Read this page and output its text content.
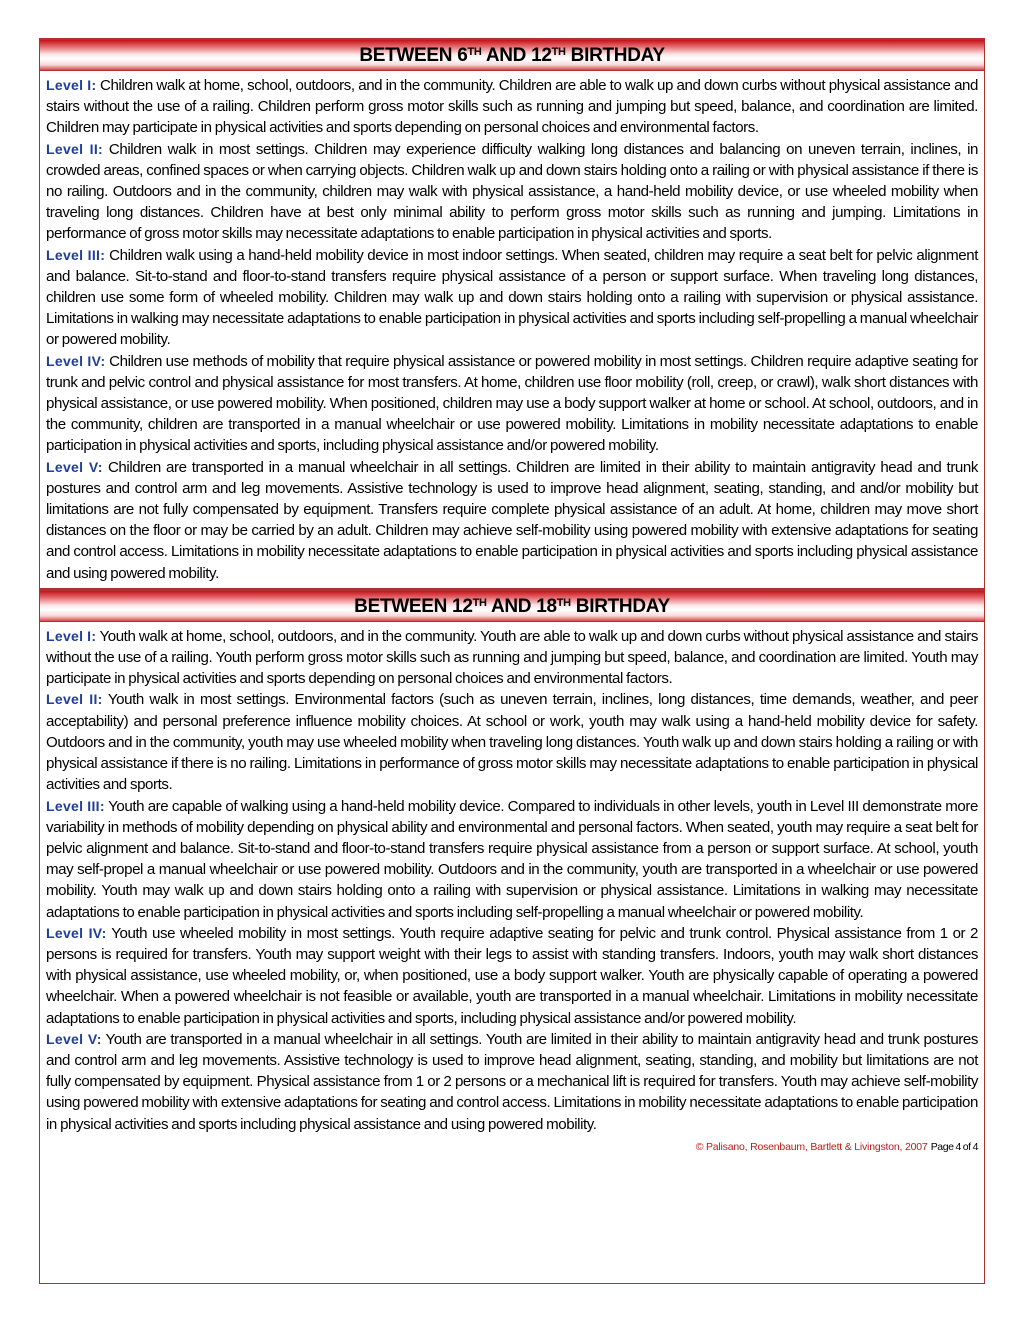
BETWEEN 6TH AND 12TH BIRTHDAY

Level I: Children walk at home, school, outdoors, and in the community. Children are able to walk up and down curbs without physical assistance and stairs without the use of a railing. Children perform gross motor skills such as running and jumping but speed, balance, and coordination are limited. Children may participate in physical activities and sports depending on personal choices and environmental factors.

Level II: Children walk in most settings. Children may experience difficulty walking long distances and balancing on uneven terrain, inclines, in crowded areas, confined spaces or when carrying objects. Children walk up and down stairs holding onto a railing or with physical assistance if there is no railing. Outdoors and in the community, children may walk with physical assistance, a hand-held mobility device, or use wheeled mobility when traveling long distances. Children have at best only minimal ability to perform gross motor skills such as running and jumping. Limitations in performance of gross motor skills may necessitate adaptations to enable participation in physical activities and sports.

Level III: Children walk using a hand-held mobility device in most indoor settings. When seated, children may require a seat belt for pelvic alignment and balance. Sit-to-stand and floor-to-stand transfers require physical assistance of a person or support surface. When traveling long distances, children use some form of wheeled mobility. Children may walk up and down stairs holding onto a railing with supervision or physical assistance. Limitations in walking may necessitate adaptations to enable participation in physical activities and sports including self-propelling a manual wheelchair or powered mobility.

Level IV: Children use methods of mobility that require physical assistance or powered mobility in most settings. Children require adaptive seating for trunk and pelvic control and physical assistance for most transfers. At home, children use floor mobility (roll, creep, or crawl), walk short distances with physical assistance, or use powered mobility. When positioned, children may use a body support walker at home or school. At school, outdoors, and in the community, children are transported in a manual wheelchair or use powered mobility. Limitations in mobility necessitate adaptations to enable participation in physical activities and sports, including physical assistance and/or powered mobility.

Level V: Children are transported in a manual wheelchair in all settings. Children are limited in their ability to maintain antigravity head and trunk postures and control arm and leg movements. Assistive technology is used to improve head alignment, seating, standing, and and/or mobility but limitations are not fully compensated by equipment. Transfers require complete physical assistance of an adult. At home, children may move short distances on the floor or may be carried by an adult. Children may achieve self-mobility using powered mobility with extensive adaptations for seating and control access. Limitations in mobility necessitate adaptations to enable participation in physical activities and sports including physical assistance and using powered mobility.

BETWEEN 12TH AND 18TH BIRTHDAY

Level I: Youth walk at home, school, outdoors, and in the community. Youth are able to walk up and down curbs without physical assistance and stairs without the use of a railing. Youth perform gross motor skills such as running and jumping but speed, balance, and coordination are limited. Youth may participate in physical activities and sports depending on personal choices and environmental factors.

Level II: Youth walk in most settings. Environmental factors (such as uneven terrain, inclines, long distances, time demands, weather, and peer acceptability) and personal preference influence mobility choices. At school or work, youth may walk using a hand-held mobility device for safety. Outdoors and in the community, youth may use wheeled mobility when traveling long distances. Youth walk up and down stairs holding a railing or with physical assistance if there is no railing. Limitations in performance of gross motor skills may necessitate adaptations to enable participation in physical activities and sports.

Level III: Youth are capable of walking using a hand-held mobility device. Compared to individuals in other levels, youth in Level III demonstrate more variability in methods of mobility depending on physical ability and environmental and personal factors. When seated, youth may require a seat belt for pelvic alignment and balance. Sit-to-stand and floor-to-stand transfers require physical assistance from a person or support surface. At school, youth may self-propel a manual wheelchair or use powered mobility. Outdoors and in the community, youth are transported in a wheelchair or use powered mobility. Youth may walk up and down stairs holding onto a railing with supervision or physical assistance. Limitations in walking may necessitate adaptations to enable participation in physical activities and sports including self-propelling a manual wheelchair or powered mobility.

Level IV: Youth use wheeled mobility in most settings. Youth require adaptive seating for pelvic and trunk control. Physical assistance from 1 or 2 persons is required for transfers. Youth may support weight with their legs to assist with standing transfers. Indoors, youth may walk short distances with physical assistance, use wheeled mobility, or, when positioned, use a body support walker. Youth are physically capable of operating a powered wheelchair. When a powered wheelchair is not feasible or available, youth are transported in a manual wheelchair. Limitations in mobility necessitate adaptations to enable participation in physical activities and sports, including physical assistance and/or powered mobility.

Level V: Youth are transported in a manual wheelchair in all settings. Youth are limited in their ability to maintain antigravity head and trunk postures and control arm and leg movements. Assistive technology is used to improve head alignment, seating, standing, and mobility but limitations are not fully compensated by equipment. Physical assistance from 1 or 2 persons or a mechanical lift is required for transfers. Youth may achieve self-mobility using powered mobility with extensive adaptations for seating and control access. Limitations in mobility necessitate adaptations to enable participation in physical activities and sports including physical assistance and using powered mobility.

© Palisano, Rosenbaum, Bartlett & Livingston, 2007 Page 4 of 4
